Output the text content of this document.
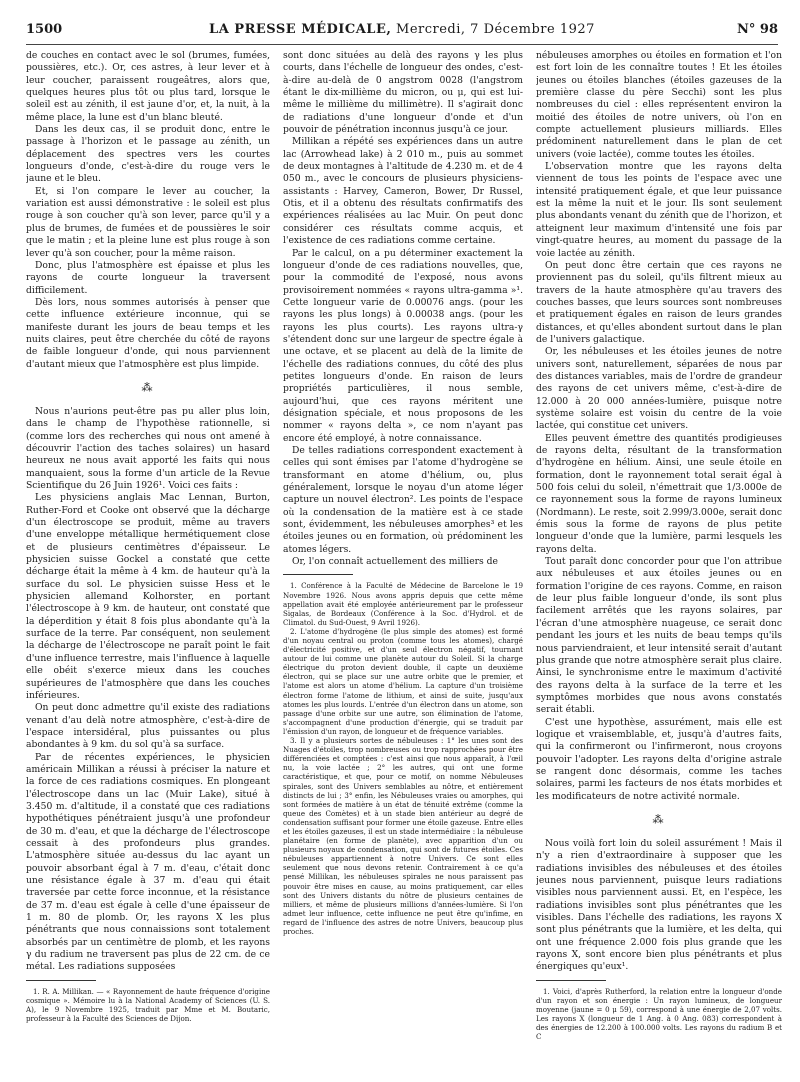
1500	LA PRESSE MÉDICALE, Mercredi, 7 Décembre 1927	N° 98

de couches en contact avec le sol (brumes, fumées, poussières, etc.). Or, ces astres, à leur lever et à leur coucher, paraissent rougeâtres, alors que, quelques heures plus tôt ou plus tard, lorsque le soleil est au zénith, il est jaune d'or, et, la nuit, à la même place, la lune est d'un blanc bleuté.

Dans les deux cas, il se produit donc, entre le passage à l'horizon et le passage au zénith, un déplacement des spectres vers les courtes longueurs d'onde, c'est-à-dire du rouge vers le jaune et le bleu.

Et, si l'on compare le lever au coucher, la variation est aussi démonstrative : le soleil est plus rouge à son coucher qu'à son lever, parce qu'il y a plus de brumes, de fumées et de poussières le soir que le matin ; et la pleine lune est plus rouge à son lever qu'à son coucher, pour la même raison.

Donc, plus l'atmosphère est épaisse et plus les rayons de courte longueur la traversent difficilement.

Dès lors, nous sommes autorisés à penser que cette influence extérieure inconnue, qui se manifeste durant les jours de beau temps et les nuits claires, peut être cherchée du côté de rayons de faible longueur d'onde, qui nous parviennent d'autant mieux que l'atmosphère est plus limpide.

⁂

Nous n'aurions peut-être pas pu aller plus loin, dans le champ de l'hypothèse rationnelle, si (comme lors des recherches qui nous ont amené à découvrir l'action des taches solaires) un hasard heureux ne nous avait apporté les faits qui nous manquaient, sous la forme d'un article de la Revue Scientifique du 26 Juin 1926¹. Voici ces faits :

Les physiciens anglais Mac Lennan, Burton, Ruther-Ford et Cooke ont observé que la décharge d'un électroscope se produit, même au travers d'une enveloppe métallique hermétiquement close et de plusieurs centimètres d'épaisseur. Le physicien suisse Gockel a constaté que cette décharge était la même à 4 km. de hauteur qu'à la surface du sol. Le physicien suisse Hess et le physicien allemand Kolhorster, en portant l'électroscope à 9 km. de hauteur, ont constaté que la déperdition y était 8 fois plus abondante qu'à la surface de la terre. Par conséquent, non seulement la décharge de l'électroscope ne paraît point le fait d'une influence terrestre, mais l'influence à laquelle elle obéit s'exerce mieux dans les couches supérieures de l'atmosphère que dans les couches inférieures.

On peut donc admettre qu'il existe des radiations venant d'au delà notre atmosphère, c'est-à-dire de l'espace intersidéral, plus puissantes ou plus abondantes à 9 km. du sol qu'à sa surface.

Par de récentes expériences, le physicien américain Millikan a réussi à préciser la nature et la force de ces radiations cosmiques. En plongeant l'électroscope dans un lac (Muir Lake), situé à 3.450 m. d'altitude, il a constaté que ces radiations hypothétiques pénétraient jusqu'à une profondeur de 30 m. d'eau, et que la décharge de l'électroscope cessait à des profondeurs plus grandes. L'atmosphère située au-dessus du lac ayant un pouvoir absorbant égal à 7 m. d'eau, c'était donc une résistance égale à 37 m. d'eau qui était traversée par cette force inconnue, et la résistance de 37 m. d'eau est égale à celle d'une épaisseur de 1 m. 80 de plomb. Or, les rayons X les plus pénétrants que nous connaissions sont totalement absorbés par un centimètre de plomb, et les rayons γ du radium ne traversent pas plus de 22 cm. de ce métal. Les radiations supposées

1. R. A. Millikan. — « Rayonnement de haute fréquence d'origine cosmique ». Mémoire lu à la National Academy of Sciences (U. S. A), le 9 Novembre 1925, traduit par Mme et M. Boutaric, professeur à la Faculté des Sciences de Dijon.

sont donc situées au delà des rayons γ les plus courts, dans l'échelle de longueur des ondes, c'est-à-dire au-delà de 0 angstrom 0028 (l'angstrom étant le dix-millième du micron, ou μ, qui est lui-même le millième du millimètre). Il s'agirait donc de radiations d'une longueur d'onde et d'un pouvoir de pénétration inconnus jusqu'à ce jour.

Millikan a répété ses expériences dans un autre lac (Arrowhead lake) à 2 010 m., puis au sommet de deux montagnes à l'altitude de 4.230 m. et de 4 050 m., avec le concours de plusieurs physiciens-assistants : Harvey, Cameron, Bower, Dr Russel, Otis, et il a obtenu des résultats confirmatifs des expériences réalisées au lac Muir. On peut donc considérer ces résultats comme acquis, et l'existence de ces radiations comme certaine.

Par le calcul, on a pu déterminer exactement la longueur d'onde de ces radiations nouvelles, que, pour la commodité de l'exposé, nous avons provisoirement nommées « rayons ultra-gamma »¹. Cette longueur varie de 0.00076 angs. (pour les rayons les plus longs) à 0.00038 angs. (pour les rayons les plus courts). Les rayons ultra-γ s'étendent donc sur une largeur de spectre égale à une octave, et se placent au delà de la limite de l'échelle des radiations connues, du côté des plus petites longueurs d'onde. En raison de leurs propriétés particulières, il nous semble, aujourd'hui, que ces rayons méritent une désignation spéciale, et nous proposons de les nommer « rayons delta », ce nom n'ayant pas encore été employé, à notre connaissance.

De telles radiations correspondent exactement à celles qui sont émises par l'atome d'hydrogène se transformant en atome d'hélium, ou, plus généralement, lorsque le noyau d'un atome léger capture un nouvel électron². Les points de l'espace où la condensation de la matière est à ce stade sont, évidemment, les nébuleuses amorphes³ et les étoiles jeunes ou en formation, où prédominent les atomes légers.

Or, l'on connaît actuellement des milliers de

1. Conférence à la Faculté de Médecine de Barcelone le 19 Novembre 1926. Nous avons appris depuis que cette même appellation avait été employée antérieurement par le professeur Sigalas, de Bordeaux (Conférence à la Soc. d'Hydrol. et de Climatol. du Sud-Ouest, 9 Avril 1926).

2. L'atome d'hydrogène (le plus simple des atomes) est formé d'un noyau central ou proton (comme tous les atomes), chargé d'électricité positive, et d'un seul électron négatif, tournant autour de lui comme une planète autour du Soleil. Si la charge électrique du proton devient double, il capte un deuxième électron, qui se place sur une autre orbite que le premier, et l'atome est alors un atome d'hélium. La capture d'un troisième électron forme l'atome de lithium, et ainsi de suite, jusqu'aux atomes les plus lourds. L'entrée d'un électron dans un atome, son passage d'une orbite sur une autre, son élimination de l'atome, s'accompagnent d'une production d'énergie, qui se traduit par l'émission d'un rayon, de longueur et de fréquence variables.

3. Il y a plusieurs sortes de nébuleuses : 1° les unes sont des Nuages d'étoiles, trop nombreuses ou trop rapprochées pour être différenciées et comptées : c'est ainsi que nous apparaît, à l'œil nu, la voie lactée ; 2° les autres, qui ont une forme caractéristique, et que, pour ce motif, on nomme Nébuleuses spirales, sont des Univers semblables au nôtre, et entièrement distincts de lui ; 3° enfin, les Nébuleuses vraies ou amorphes, qui sont formées de matière à un état de ténuité extrême (comme la queue des Comètes) et à un stade bien antérieur au degré de condensation suffisant pour former une étoile gazeuse. Entre elles et les étoiles gazeuses, il est un stade intermédiaire : la nébuleuse planétaire (en forme de planète), avec apparition d'un ou plusieurs noyaux de condensation, qui sont de futures étoiles. Ces nébuleuses appartiennent à notre Univers. Ce sont elles seulement que nous devons retenir. Contrairement à ce qu'a pensé Millikan, les nébuleuses spirales ne nous paraissent pas pouvoir être mises en cause, au moins pratiquement, car elles sont des Univers distants du nôtre de plusieurs centaines de milliers, et même de plusieurs millions d'années-lumière. Si l'on admet leur influence, cette influence ne peut être qu'infime, en regard de l'influence des astres de notre Univers, beaucoup plus proches.

nébuleuses amorphes ou étoiles en formation et l'on est fort loin de les connaître toutes ! Et les étoiles jeunes ou étoiles blanches (étoiles gazeuses de la première classe du père Secchi) sont les plus nombreuses du ciel : elles représentent environ la moitié des étoiles de notre univers, où l'on en compte actuellement plusieurs milliards. Elles prédominent naturellement dans le plan de cet univers (voie lactée), comme toutes les étoiles.

L'observation montre que les rayons delta viennent de tous les points de l'espace avec une intensité pratiquement égale, et que leur puissance est la même la nuit et le jour. Ils sont seulement plus abondants venant du zénith que de l'horizon, et atteignent leur maximum d'intensité une fois par vingt-quatre heures, au moment du passage de la voie lactée au zénith.

On peut donc être certain que ces rayons ne proviennent pas du soleil, qu'ils filtrent mieux au travers de la haute atmosphère qu'au travers des couches basses, que leurs sources sont nombreuses et pratiquement égales en raison de leurs grandes distances, et qu'elles abondent surtout dans le plan de l'univers galactique.

Or, les nébuleuses et les étoiles jeunes de notre univers sont, naturellement, séparées de nous par des distances variables, mais de l'ordre de grandeur des rayons de cet univers même, c'est-à-dire de 12.000 à 20 000 années-lumière, puisque notre système solaire est voisin du centre de la voie lactée, qui constitue cet univers.

Elles peuvent émettre des quantités prodigieuses de rayons delta, résultant de la transformation d'hydrogène en hélium. Ainsi, une seule étoile en formation, dont le rayonnement total serait égal à 500 fois celui du soleil, n'émettrait que 1/3.000e de ce rayonnement sous la forme de rayons lumineux (Nordmann). Le reste, soit 2.999/3.000e, serait donc émis sous la forme de rayons de plus petite longueur d'onde que la lumière, parmi lesquels les rayons delta.

Tout paraît donc concorder pour que l'on attribue aux nébuleuses et aux étoiles jeunes ou en formation l'origine de ces rayons. Comme, en raison de leur plus faible longueur d'onde, ils sont plus facilement arrêtés que les rayons solaires, par l'écran d'une atmosphère nuageuse, ce serait donc pendant les jours et les nuits de beau temps qu'ils nous parviendraient, et leur intensité serait d'autant plus grande que notre atmosphère serait plus claire. Ainsi, le synchronisme entre le maximum d'activité des rayons delta à la surface de la terre et les symptômes morbides que nous avons constatés serait établi.

C'est une hypothèse, assurément, mais elle est logique et vraisemblable, et, jusqu'à d'autres faits, qui la confirmeront ou l'infirmeront, nous croyons pouvoir l'adopter. Les rayons delta d'origine astrale se rangent donc désormais, comme les taches solaires, parmi les facteurs de nos états morbides et les modificateurs de notre activité normale.

⁂

Nous voilà fort loin du soleil assurément ! Mais il n'y a rien d'extraordinaire à supposer que les radiations invisibles des nébuleuses et des étoiles jeunes nous parviennent, puisque leurs radiations visibles nous parviennent aussi. Et, en l'espèce, les radiations invisibles sont plus pénétrantes que les visibles. Dans l'échelle des radiations, les rayons X sont plus pénétrants que la lumière, et les delta, qui ont une fréquence 2.000 fois plus grande que les rayons X, sont encore bien plus pénétrants et plus énergiques qu'eux¹.

1. Voici, d'après Rutherford, la relation entre la longueur d'onde d'un rayon et son énergie : Un rayon lumineux, de longueur moyenne (jaune = 0 μ 59), correspond à une énergie de 2,07 volts. Les rayons X (longueur de 1 Ang. à 0 Ang. 083) correspondent à des énergies de 12.200 à 100.000 volts. Les rayons du radium B et C
